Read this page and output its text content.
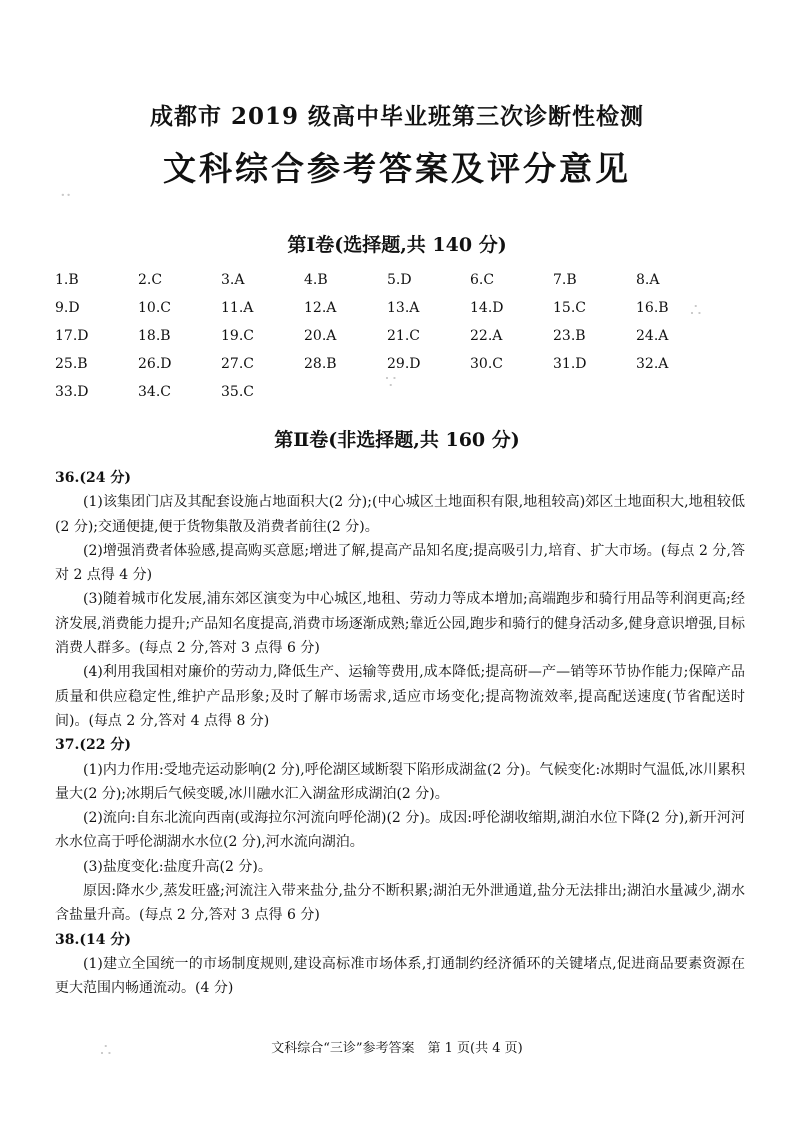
成都市 2019 级高中毕业班第三次诊断性检测
文科综合参考答案及评分意见
第Ⅰ卷(选择题,共 140 分)
1.B	2.C	3.A	4.B	5.D	6.C	7.B	8.A
9.D	10.C	11.A	12.A	13.A	14.D	15.C	16.B
17.D	18.B	19.C	20.A	21.C	22.A	23.B	24.A
25.B	26.D	27.C	28.B	29.D	30.C	31.D	32.A
33.D	34.C	35.C
第Ⅱ卷(非选择题,共 160 分)

36.(24 分)

(1)该集团门店及其配套设施占地面积大(2 分);(中心城区土地面积有限,地租较高)郊区土地面积大,地租较低(2 分);交通便捷,便于货物集散及消费者前往(2 分)。

(2)增强消费者体验感,提高购买意愿;增进了解,提高产品知名度;提高吸引力,培育、扩大市场。(每点 2 分,答对 2 点得 4 分)

(3)随着城市化发展,浦东郊区演变为中心城区,地租、劳动力等成本增加;高端跑步和骑行用品等利润更高;经济发展,消费能力提升;产品知名度提高,消费市场逐渐成熟;靠近公园,跑步和骑行的健身活动多,健身意识增强,目标消费人群多。(每点 2 分,答对 3 点得 6 分)

(4)利用我国相对廉价的劳动力,降低生产、运输等费用,成本降低;提高研—产—销等环节协作能力;保障产品质量和供应稳定性,维护产品形象;及时了解市场需求,适应市场变化;提高物流效率,提高配送速度(节省配送时间)。(每点 2 分,答对 4 点得 8 分)

37.(22 分)

(1)内力作用:受地壳运动影响(2 分),呼伦湖区域断裂下陷形成湖盆(2 分)。气候变化:冰期时气温低,冰川累积量大(2 分);冰期后气候变暖,冰川融水汇入湖盆形成湖泊(2 分)。

(2)流向:自东北流向西南(或海拉尔河流向呼伦湖)(2 分)。成因:呼伦湖收缩期,湖泊水位下降(2 分),新开河河水水位高于呼伦湖湖水水位(2 分),河水流向湖泊。

(3)盐度变化:盐度升高(2 分)。

原因:降水少,蒸发旺盛;河流注入带来盐分,盐分不断积累;湖泊无外泄通道,盐分无法排出;湖泊水量减少,湖水含盐量升高。(每点 2 分,答对 3 点得 6 分)

38.(14 分)

(1)建立全国统一的市场制度规则,建设高标准市场体系,打通制约经济循环的关键堵点,促进商品要素资源在更大范围内畅通流动。(4 分)

文科综合“三诊”参考答案　第 1 页(共 4 页)
··
∴
∵
∴
